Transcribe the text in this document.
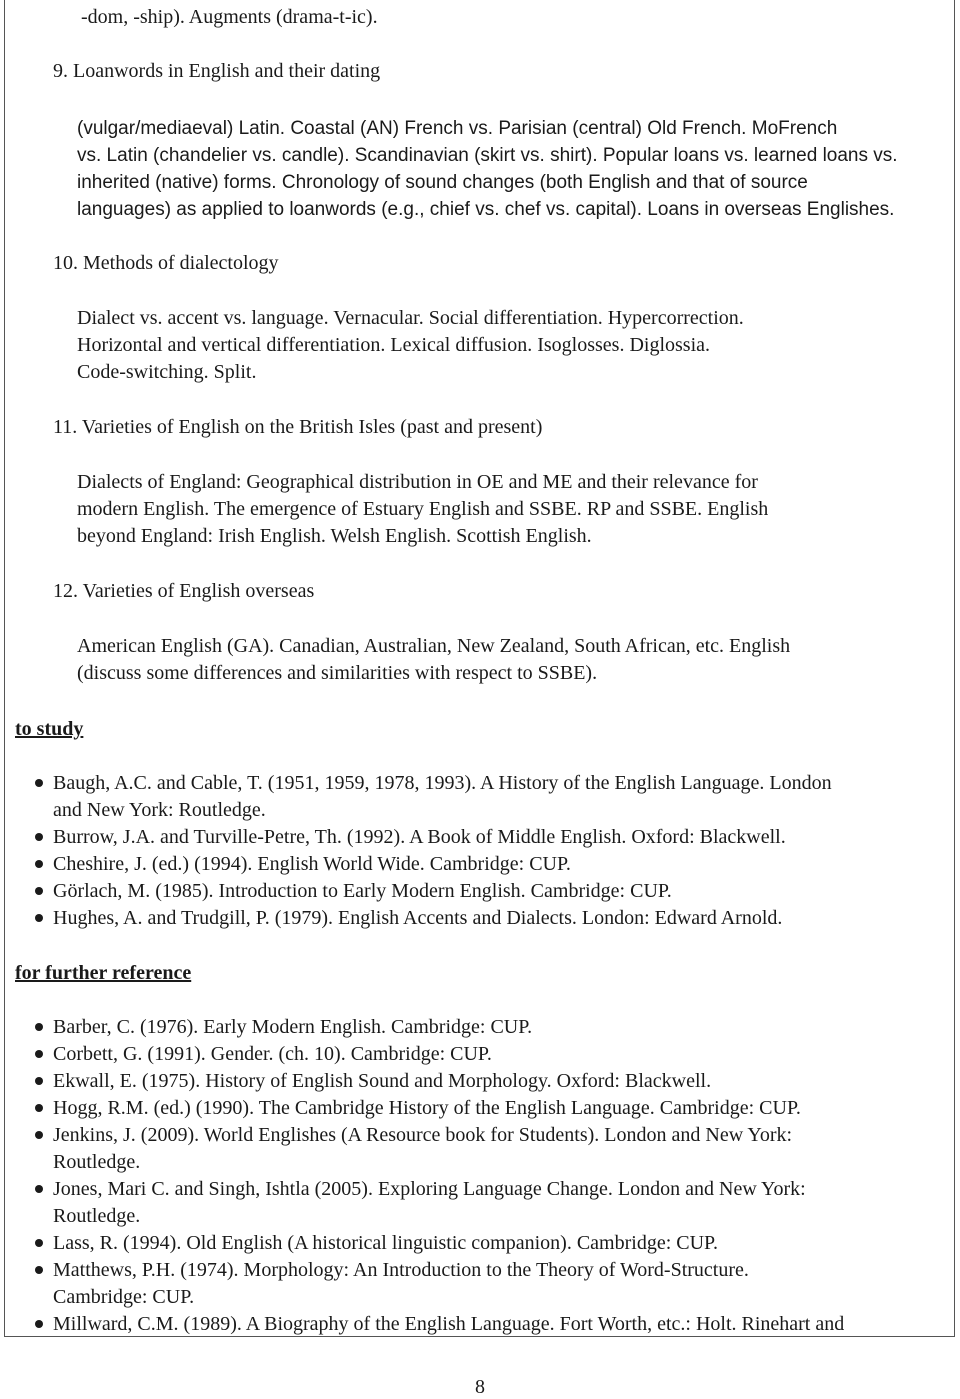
-dom, -ship). Augments (drama-t-ic).
9. Loanwords in English and their dating
(vulgar/mediaeval) Latin. Coastal (AN) French vs. Parisian (central) Old French. MoFrench
vs. Latin (chandelier vs. candle). Scandinavian (skirt vs. shirt). Popular loans vs. learned loans vs.
inherited (native) forms. Chronology of sound changes (both English and that of source
languages) as applied to loanwords (e.g., chief vs. chef vs. capital). Loans in overseas Englishes.
10. Methods of dialectology
Dialect vs. accent vs. language. Vernacular. Social differentiation. Hypercorrection.
Horizontal and vertical differentiation. Lexical diffusion. Isoglosses. Diglossia.
Code-switching. Split.
11. Varieties of English on the British Isles (past and present)
Dialects of England: Geographical distribution in OE and ME and their relevance for
modern English. The emergence of Estuary English and SSBE. RP and SSBE. English
beyond England: Irish English. Welsh English. Scottish English.
12. Varieties of English overseas
American English (GA). Canadian, Australian, New Zealand, South African, etc. English
(discuss some differences and similarities with respect to SSBE).
to study
Baugh, A.C. and Cable, T. (1951, 1959, 1978, 1993). A History of the English Language. London
and New York: Routledge.
Burrow, J.A. and Turville-Petre, Th. (1992). A Book of Middle English. Oxford: Blackwell.
Cheshire, J. (ed.) (1994). English World Wide. Cambridge: CUP.
Görlach, M. (1985). Introduction to Early Modern English. Cambridge: CUP.
Hughes, A. and Trudgill, P. (1979). English Accents and Dialects. London: Edward Arnold.
for further reference
Barber, C. (1976). Early Modern English. Cambridge: CUP.
Corbett, G. (1991). Gender. (ch. 10). Cambridge: CUP.
Ekwall, E. (1975). History of English Sound and Morphology. Oxford: Blackwell.
Hogg, R.M. (ed.) (1990). The Cambridge History of the English Language. Cambridge: CUP.
Jenkins, J. (2009). World Englishes (A Resource book for Students). London and New York:
Routledge.
Jones, Mari C. and Singh, Ishtla (2005). Exploring Language Change. London and New York:
Routledge.
Lass, R. (1994). Old English (A historical linguistic companion). Cambridge: CUP.
Matthews, P.H. (1974). Morphology: An Introduction to the Theory of Word-Structure.
Cambridge: CUP.
Millward, C.M. (1989). A Biography of the English Language. Fort Worth, etc.: Holt. Rinehart and
8
